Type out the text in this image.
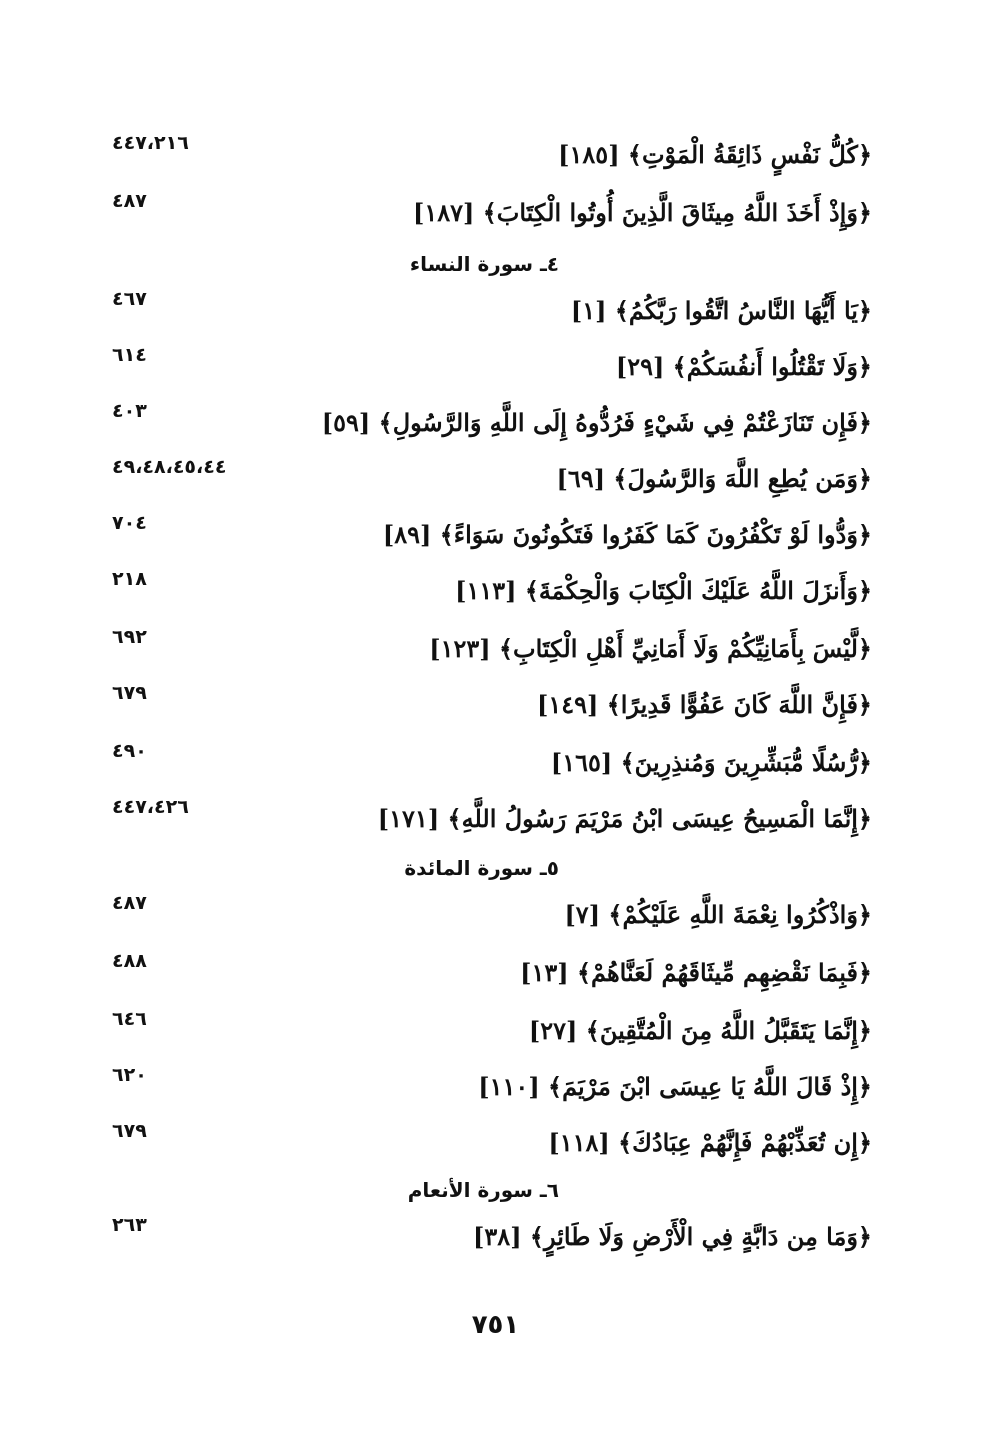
﴿كُلُّ نَفْسٍ ذَائِقَةُ الْمَوْتِ﴾ [١٨٥]
٤٤٧،٢١٦
﴿وَإِذْ أَخَذَ اللَّهُ مِيثَاقَ الَّذِينَ أُوتُوا الْكِتَابَ﴾ [١٨٧]
٤٨٧
٤ـ سورة النساء
﴿يَا أَيُّهَا النَّاسُ اتَّقُوا رَبَّكُمُ﴾ [١]
٤٦٧
﴿وَلَا تَقْتُلُوا أَنفُسَكُمْ﴾ [٢٩]
٦١٤
﴿فَإِن تَنَازَعْتُمْ فِي شَيْءٍ فَرُدُّوهُ إِلَى اللَّهِ وَالرَّسُولِ﴾ [٥٩]
٤٠٣
﴿وَمَن يُطِعِ اللَّهَ وَالرَّسُولَ﴾ [٦٩]
٤٩،٤٨،٤٥،٤٤
﴿وَدُّوا لَوْ تَكْفُرُونَ كَمَا كَفَرُوا فَتَكُونُونَ سَوَاءً﴾ [٨٩]
٧٠٤
﴿وَأَنزَلَ اللَّهُ عَلَيْكَ الْكِتَابَ وَالْحِكْمَةَ﴾ [١١٣]
٢١٨
﴿لَّيْسَ بِأَمَانِيِّكُمْ وَلَا أَمَانِيِّ أَهْلِ الْكِتَابِ﴾ [١٢٣]
٦٩٢
﴿فَإِنَّ اللَّهَ كَانَ عَفُوًّا قَدِيرًا﴾ [١٤٩]
٦٧٩
﴿رُّسُلًا مُّبَشِّرِينَ وَمُنذِرِينَ﴾ [١٦٥]
٤٩٠
﴿إِنَّمَا الْمَسِيحُ عِيسَى ابْنُ مَرْيَمَ رَسُولُ اللَّهِ﴾ [١٧١]
٤٤٧،٤٢٦
٥ـ سورة المائدة
﴿وَاذْكُرُوا نِعْمَةَ اللَّهِ عَلَيْكُمْ﴾ [٧]
٤٨٧
﴿فَبِمَا نَقْضِهِم مِّيثَاقَهُمْ لَعَنَّاهُمْ﴾ [١٣]
٤٨٨
﴿إِنَّمَا يَتَقَبَّلُ اللَّهُ مِنَ الْمُتَّقِينَ﴾ [٢٧]
٦٤٦
﴿إِذْ قَالَ اللَّهُ يَا عِيسَى ابْنَ مَرْيَمَ﴾ [١١٠]
٦٢٠
﴿إِن تُعَذِّبْهُمْ فَإِنَّهُمْ عِبَادُكَ﴾ [١١٨]
٦٧٩
٦ـ سورة الأنعام
﴿وَمَا مِن دَابَّةٍ فِي الْأَرْضِ وَلَا طَائِرٍ﴾ [٣٨]
٢٦٣
٧٥١
